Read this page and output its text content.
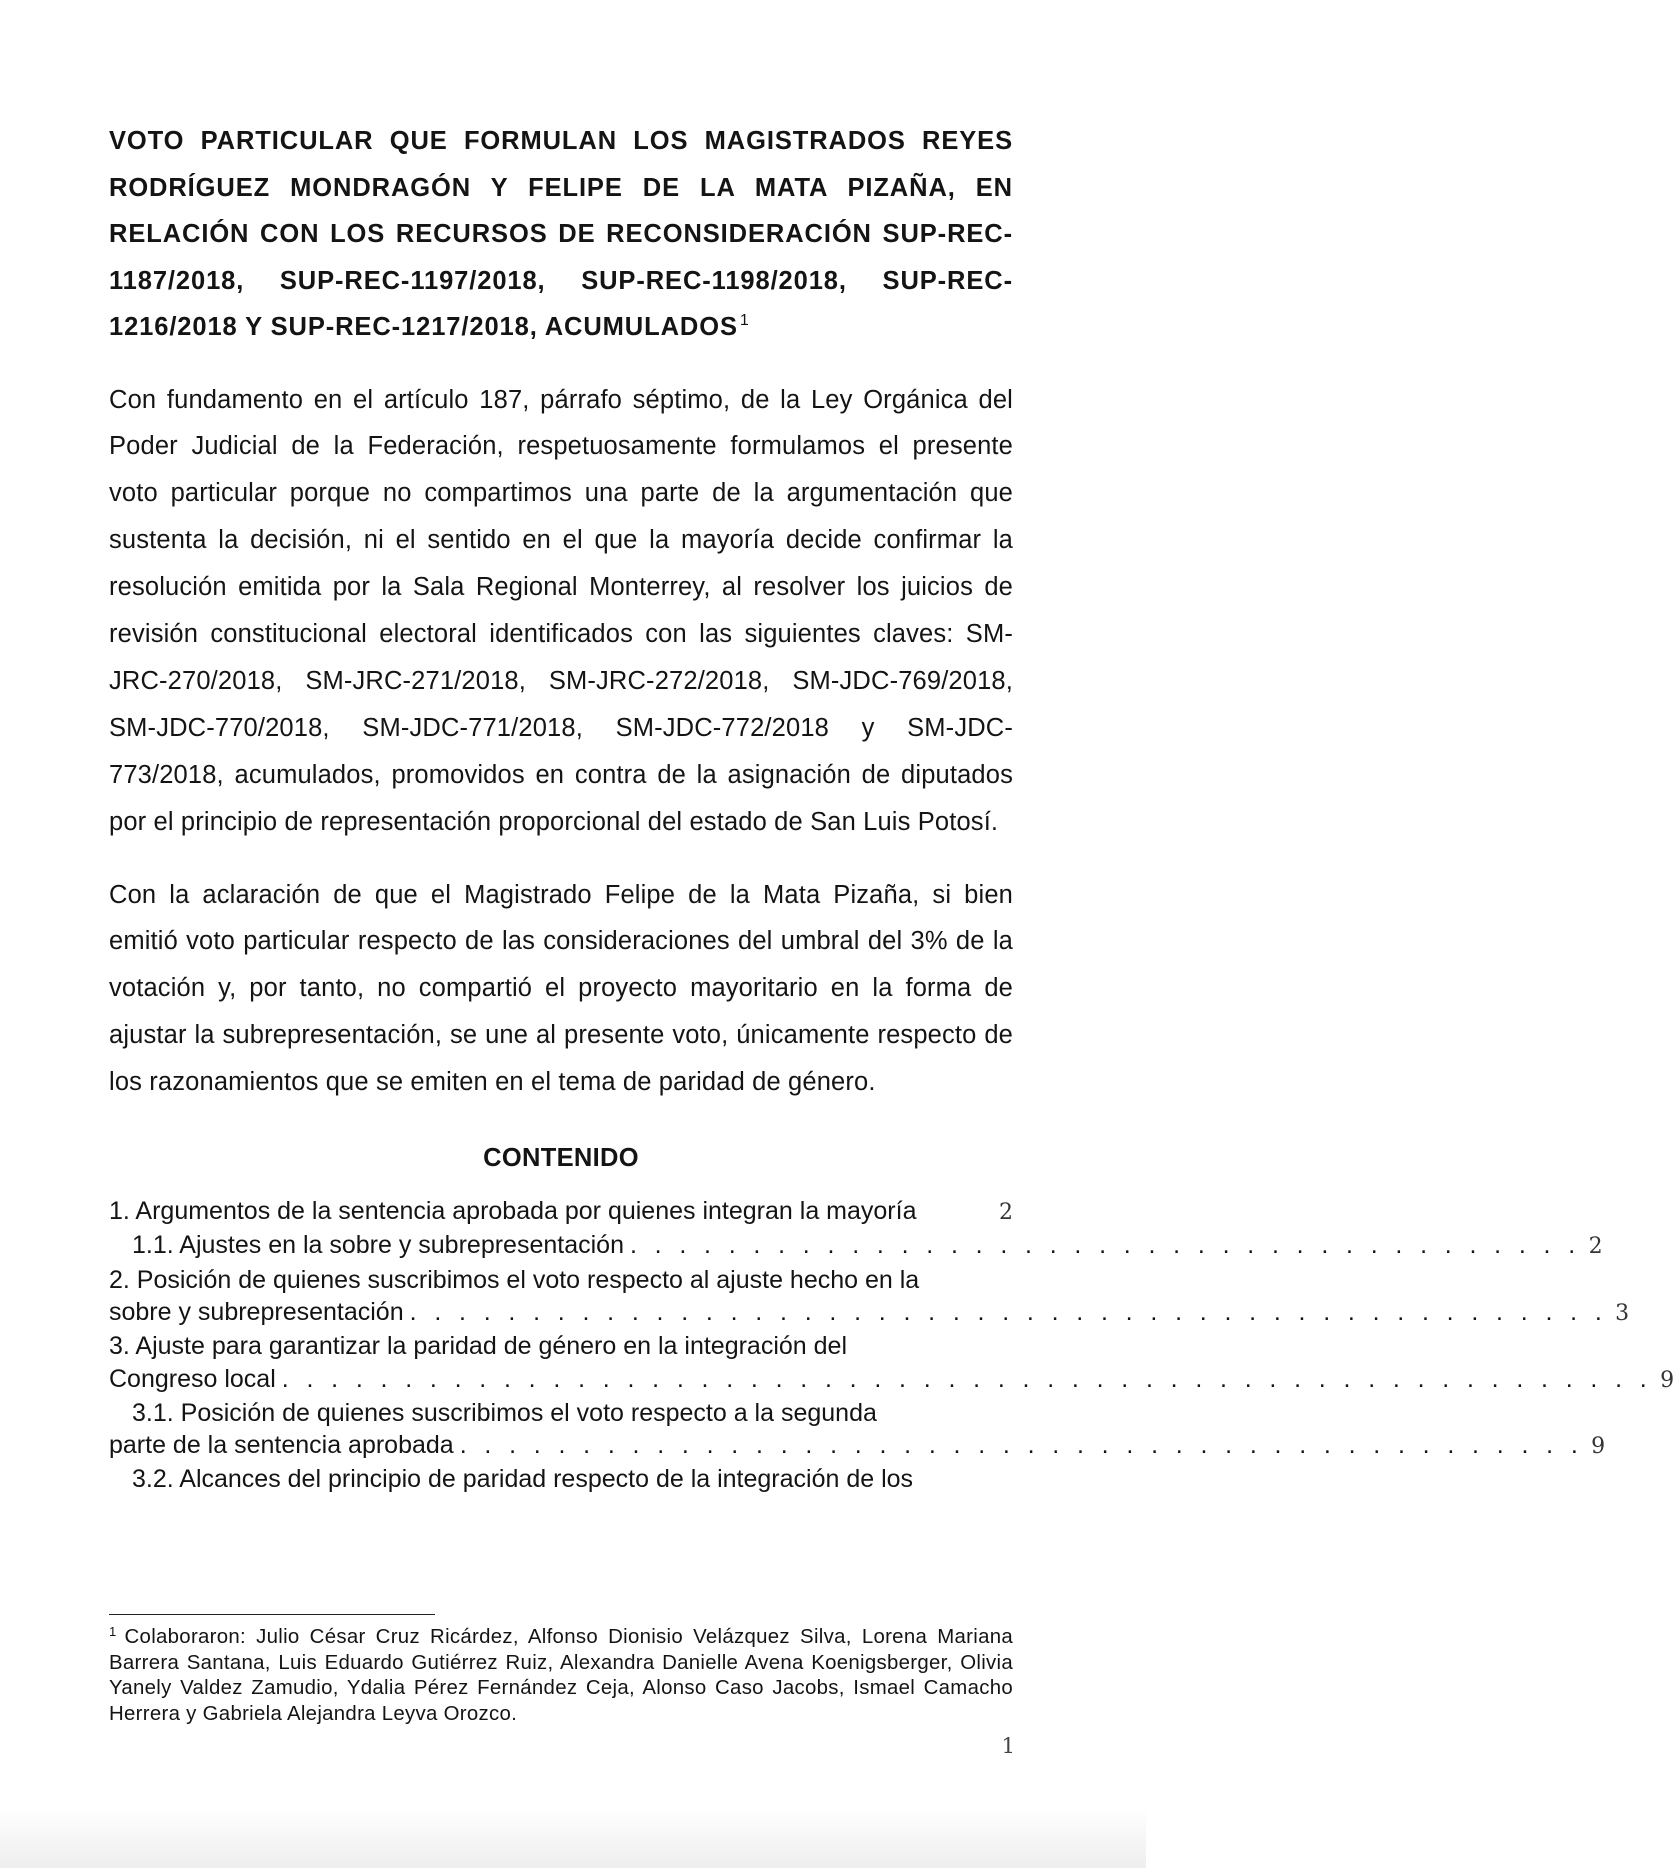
VOTO PARTICULAR QUE FORMULAN LOS MAGISTRADOS REYES RODRÍGUEZ MONDRAGÓN Y FELIPE DE LA MATA PIZAÑA, EN RELACIÓN CON LOS RECURSOS DE RECONSIDERACIÓN SUP-REC-1187/2018, SUP-REC-1197/2018, SUP-REC-1198/2018, SUP-REC-1216/2018 Y SUP-REC-1217/2018, ACUMULADOS $^1$

Con fundamento en el artículo 187, párrafo séptimo, de la Ley Orgánica del Poder Judicial de la Federación, respetuosamente formulamos el presente voto particular porque no compartimos una parte de la argumentación que sustenta la decisión, ni el sentido en el que la mayoría decide confirmar la resolución emitida por la Sala Regional Monterrey, al resolver los juicios de revisión constitucional electoral identificados con las siguientes claves: SM-JRC-270/2018, SM-JRC-271/2018, SM-JRC-272/2018, SM-JDC-769/2018, SM-JDC-770/2018, SM-JDC-771/2018, SM-JDC-772/2018 y SM-JDC-773/2018, acumulados, promovidos en contra de la asignación de diputados por el principio de representación proporcional del estado de San Luis Potosí.

Con la aclaración de que el Magistrado Felipe de la Mata Pizaña, si bien emitió voto particular respecto de las consideraciones del umbral del 3% de la votación y, por tanto, no compartió el proyecto mayoritario en la forma de ajustar la subrepresentación, se une al presente voto, únicamente respecto de los razonamientos que se emiten en el tema de paridad de género.

CONTENIDO
1. Argumentos de la sentencia aprobada por quienes integran la mayoría	2
1.1. Ajustes en la sobre y subrepresentación . . . . . . . . . . . . . . . . . . . . . . . . . . . . . . . . . . . . . . . 2
2. Posición de quienes suscribimos el voto respecto al ajuste hecho en la
sobre y subrepresentación . . . . . . . . . . . . . . . . . . . . . . . . . . . . . . . . . . . . . . . . . . . . . . . . . 3
3. Ajuste para garantizar la paridad de género en la integración del
Congreso local . . . . . . . . . . . . . . . . . . . . . . . . . . . . . . . . . . . . . . . . . . . . . . . . . . . . . . . . 9
3.1. Posición de quienes suscribimos el voto respecto a la segunda
parte de la sentencia aprobada . . . . . . . . . . . . . . . . . . . . . . . . . . . . . . . . . . . . . . . . . . . . . . 9
3.2. Alcances del principio de paridad respecto de la integración de los
$^1$ Colaboraron: Julio César Cruz Ricárdez, Alfonso Dionisio Velázquez Silva, Lorena Mariana Barrera Santana, Luis Eduardo Gutiérrez Ruiz, Alexandra Danielle Avena Koenigsberger, Olivia Yanely Valdez Zamudio, Ydalia Pérez Fernández Ceja, Alonso Caso Jacobs, Ismael Camacho Herrera y Gabriela Alejandra Leyva Orozco.
1
